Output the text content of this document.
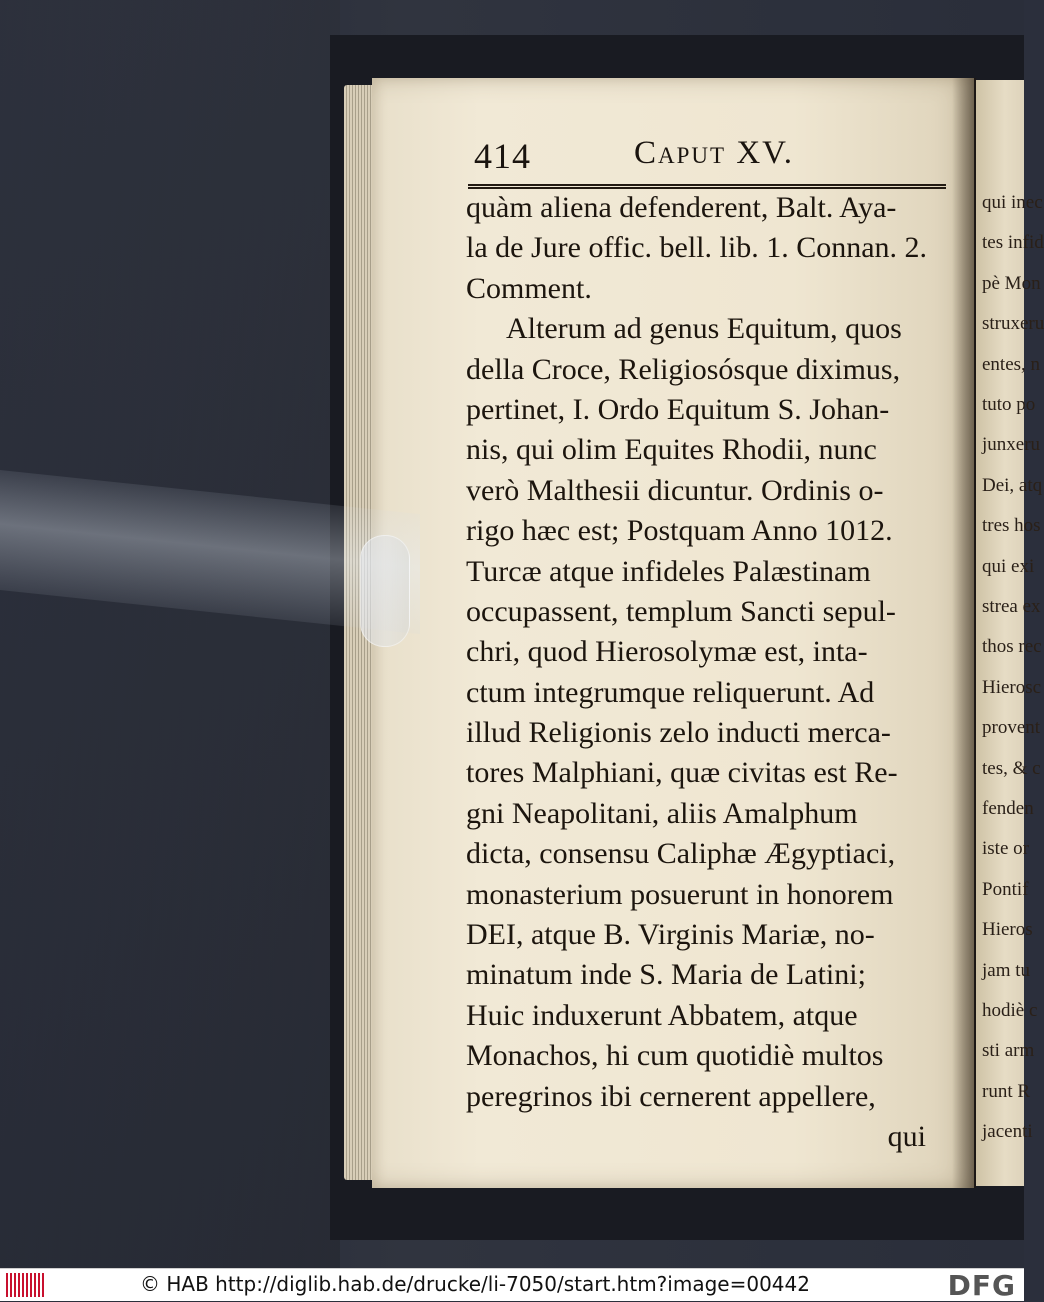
qui inec
tes infid
pè Mon
struxeru
entes, n
tuto po
junxeru
Dei, atq
tres hos
qui exi
strea ex
thos rec
Hierosc
provent
tes, & c
fenden
iste or
Pontif
Hieros
jam tu
hodiè c
sti arm
runt R
jacenti
414	Caput XV.
quàm aliena defenderent, Balt. Aya-
la de Jure offic. bell. lib. 1. Connan. 2.
Comment.
Alterum ad genus Equitum, quos
della Croce, Religiosósque diximus,
pertinet, I. Ordo Equitum S. Johan-
nis, qui olim Equites Rhodii, nunc
verò Malthesii dicuntur. Ordinis o-
rigo hæc est; Postquam Anno 1012.
Turcæ atque infideles Palæstinam
occupassent, templum Sancti sepul-
chri, quod Hierosolymæ est, inta-
ctum integrumque reliquerunt. Ad
illud Religionis zelo inducti merca-
tores Malphiani, quæ civitas est Re-
gni Neapolitani, aliis Amalphum
dicta, consensu Caliphæ Ægyptiaci,
monasterium posuerunt in honorem
DEI, atque B. Virginis Mariæ, no-
minatum inde S. Maria de Latini;
Huic induxerunt Abbatem, atque
Monachos, hi cum quotidiè multos
peregrinos ibi cernerent appellere,
qui
© HAB http://diglib.hab.de/drucke/li-7050/start.htm?image=00442	DFG
